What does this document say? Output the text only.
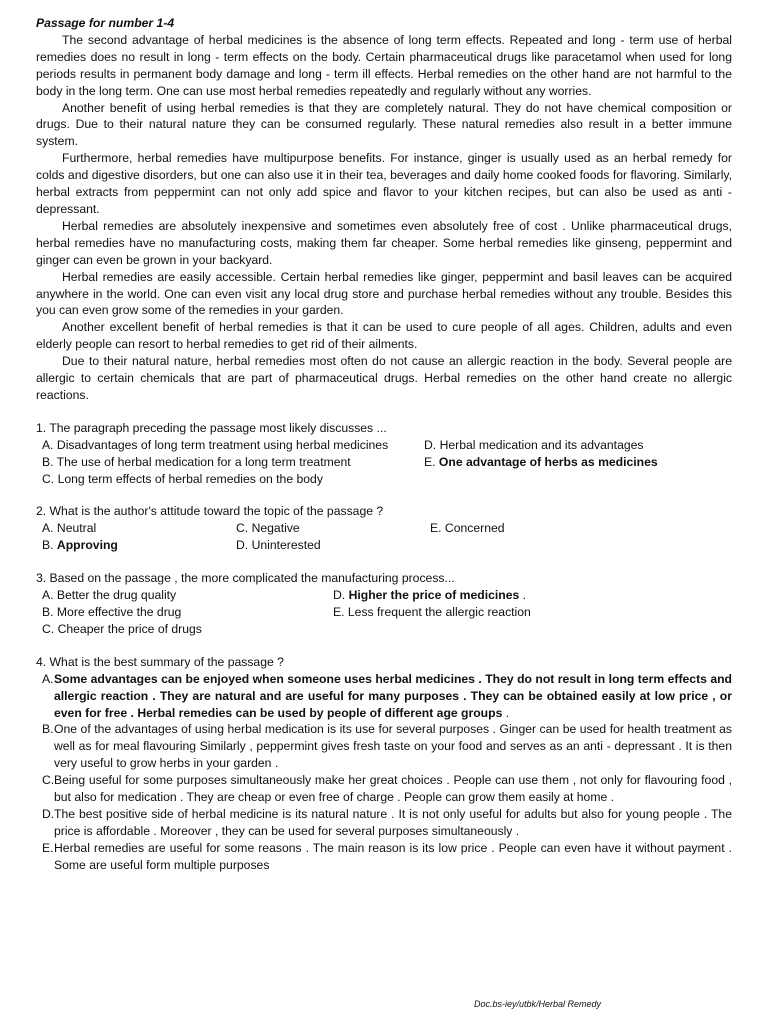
Passage for number 1-4

The second advantage of herbal medicines is the absence of long term effects. Repeated and long - term use of herbal remedies does no result in long - term effects on the body. Certain pharmaceutical drugs like paracetamol when used for long periods results in permanent body damage and long - term ill effects. Herbal remedies on the other hand are not harmful to the body in the long term. One can use most herbal remedies repeatedly and regularly without any worries.

Another benefit of using herbal remedies is that they are completely natural. They do not have chemical composition or drugs. Due to their natural nature they can be consumed regularly. These natural remedies also result in a better immune system.

Furthermore, herbal remedies have multipurpose benefits. For instance, ginger is usually used as an herbal remedy for colds and digestive disorders, but one can also use it in their tea, beverages and daily home cooked foods for flavoring. Similarly, herbal extracts from peppermint can not only add spice and flavor to your kitchen recipes, but can also be used as anti - depressant.

Herbal remedies are absolutely inexpensive and sometimes even absolutely free of cost . Unlike pharmaceutical drugs, herbal remedies have no manufacturing costs, making them far cheaper. Some herbal remedies like ginseng, peppermint and ginger can even be grown in your backyard.

Herbal remedies are easily accessible. Certain herbal remedies like ginger, peppermint and basil leaves can be acquired anywhere in the world. One can even visit any local drug store and purchase herbal remedies without any trouble. Besides this you can even grow some of the remedies in your garden.

Another excellent benefit of herbal remedies is that it can be used to cure people of all ages. Children, adults and even elderly people can resort to herbal remedies to get rid of their ailments.

Due to their natural nature, herbal remedies most often do not cause an allergic reaction in the body. Several people are allergic to certain chemicals that are part of pharmaceutical drugs. Herbal remedies on the other hand create no allergic reactions.

1. The paragraph preceding the passage most likely discusses ...

A. Disadvantages of long term treatment using herbal medicines	D. Herbal medication and its advantages
B. The use of herbal medication for a long term treatment	E. One advantage of herbs as medicines
C. Long term effects of herbal remedies on the body

2. What is the author's attitude toward the topic of the passage ?

A. Neutral	C. Negative	E. Concerned
B. Approving	D. Uninterested

3. Based on the passage , the more complicated the manufacturing process...

A. Better the drug quality	D. Higher the price of medicines .
B. More effective the drug	E. Less frequent the allergic reaction
C. Cheaper the price of drugs

4. What is the best summary of the passage ?

A. Some advantages can be enjoyed when someone uses herbal medicines . They do not result in long term effects and allergic reaction . They are natural and are useful for many purposes . They can be obtained easily at low price , or even for free . Herbal remedies can be used by people of different age groups .
B. One of the advantages of using herbal medication is its use for several purposes . Ginger can be used for health treatment as well as for meal flavouring Similarly , peppermint gives fresh taste on your food and serves as an anti - depressant . It is then very useful to grow herbs in your garden .
C. Being useful for some purposes simultaneously make her great choices . People can use them , not only for flavouring food , but also for medication . They are cheap or even free of charge . People can grow them easily at home .
D. The best positive side of herbal medicine is its natural nature . It is not only useful for adults but also for young people . The price is affordable . Moreover , they can be used for several purposes simultaneously .
E. Herbal remedies are useful for some reasons . The main reason is its low price . People can even have it without payment . Some are useful form multiple purposes
Doc.bs-iey/utbk/Herbal Remedy
